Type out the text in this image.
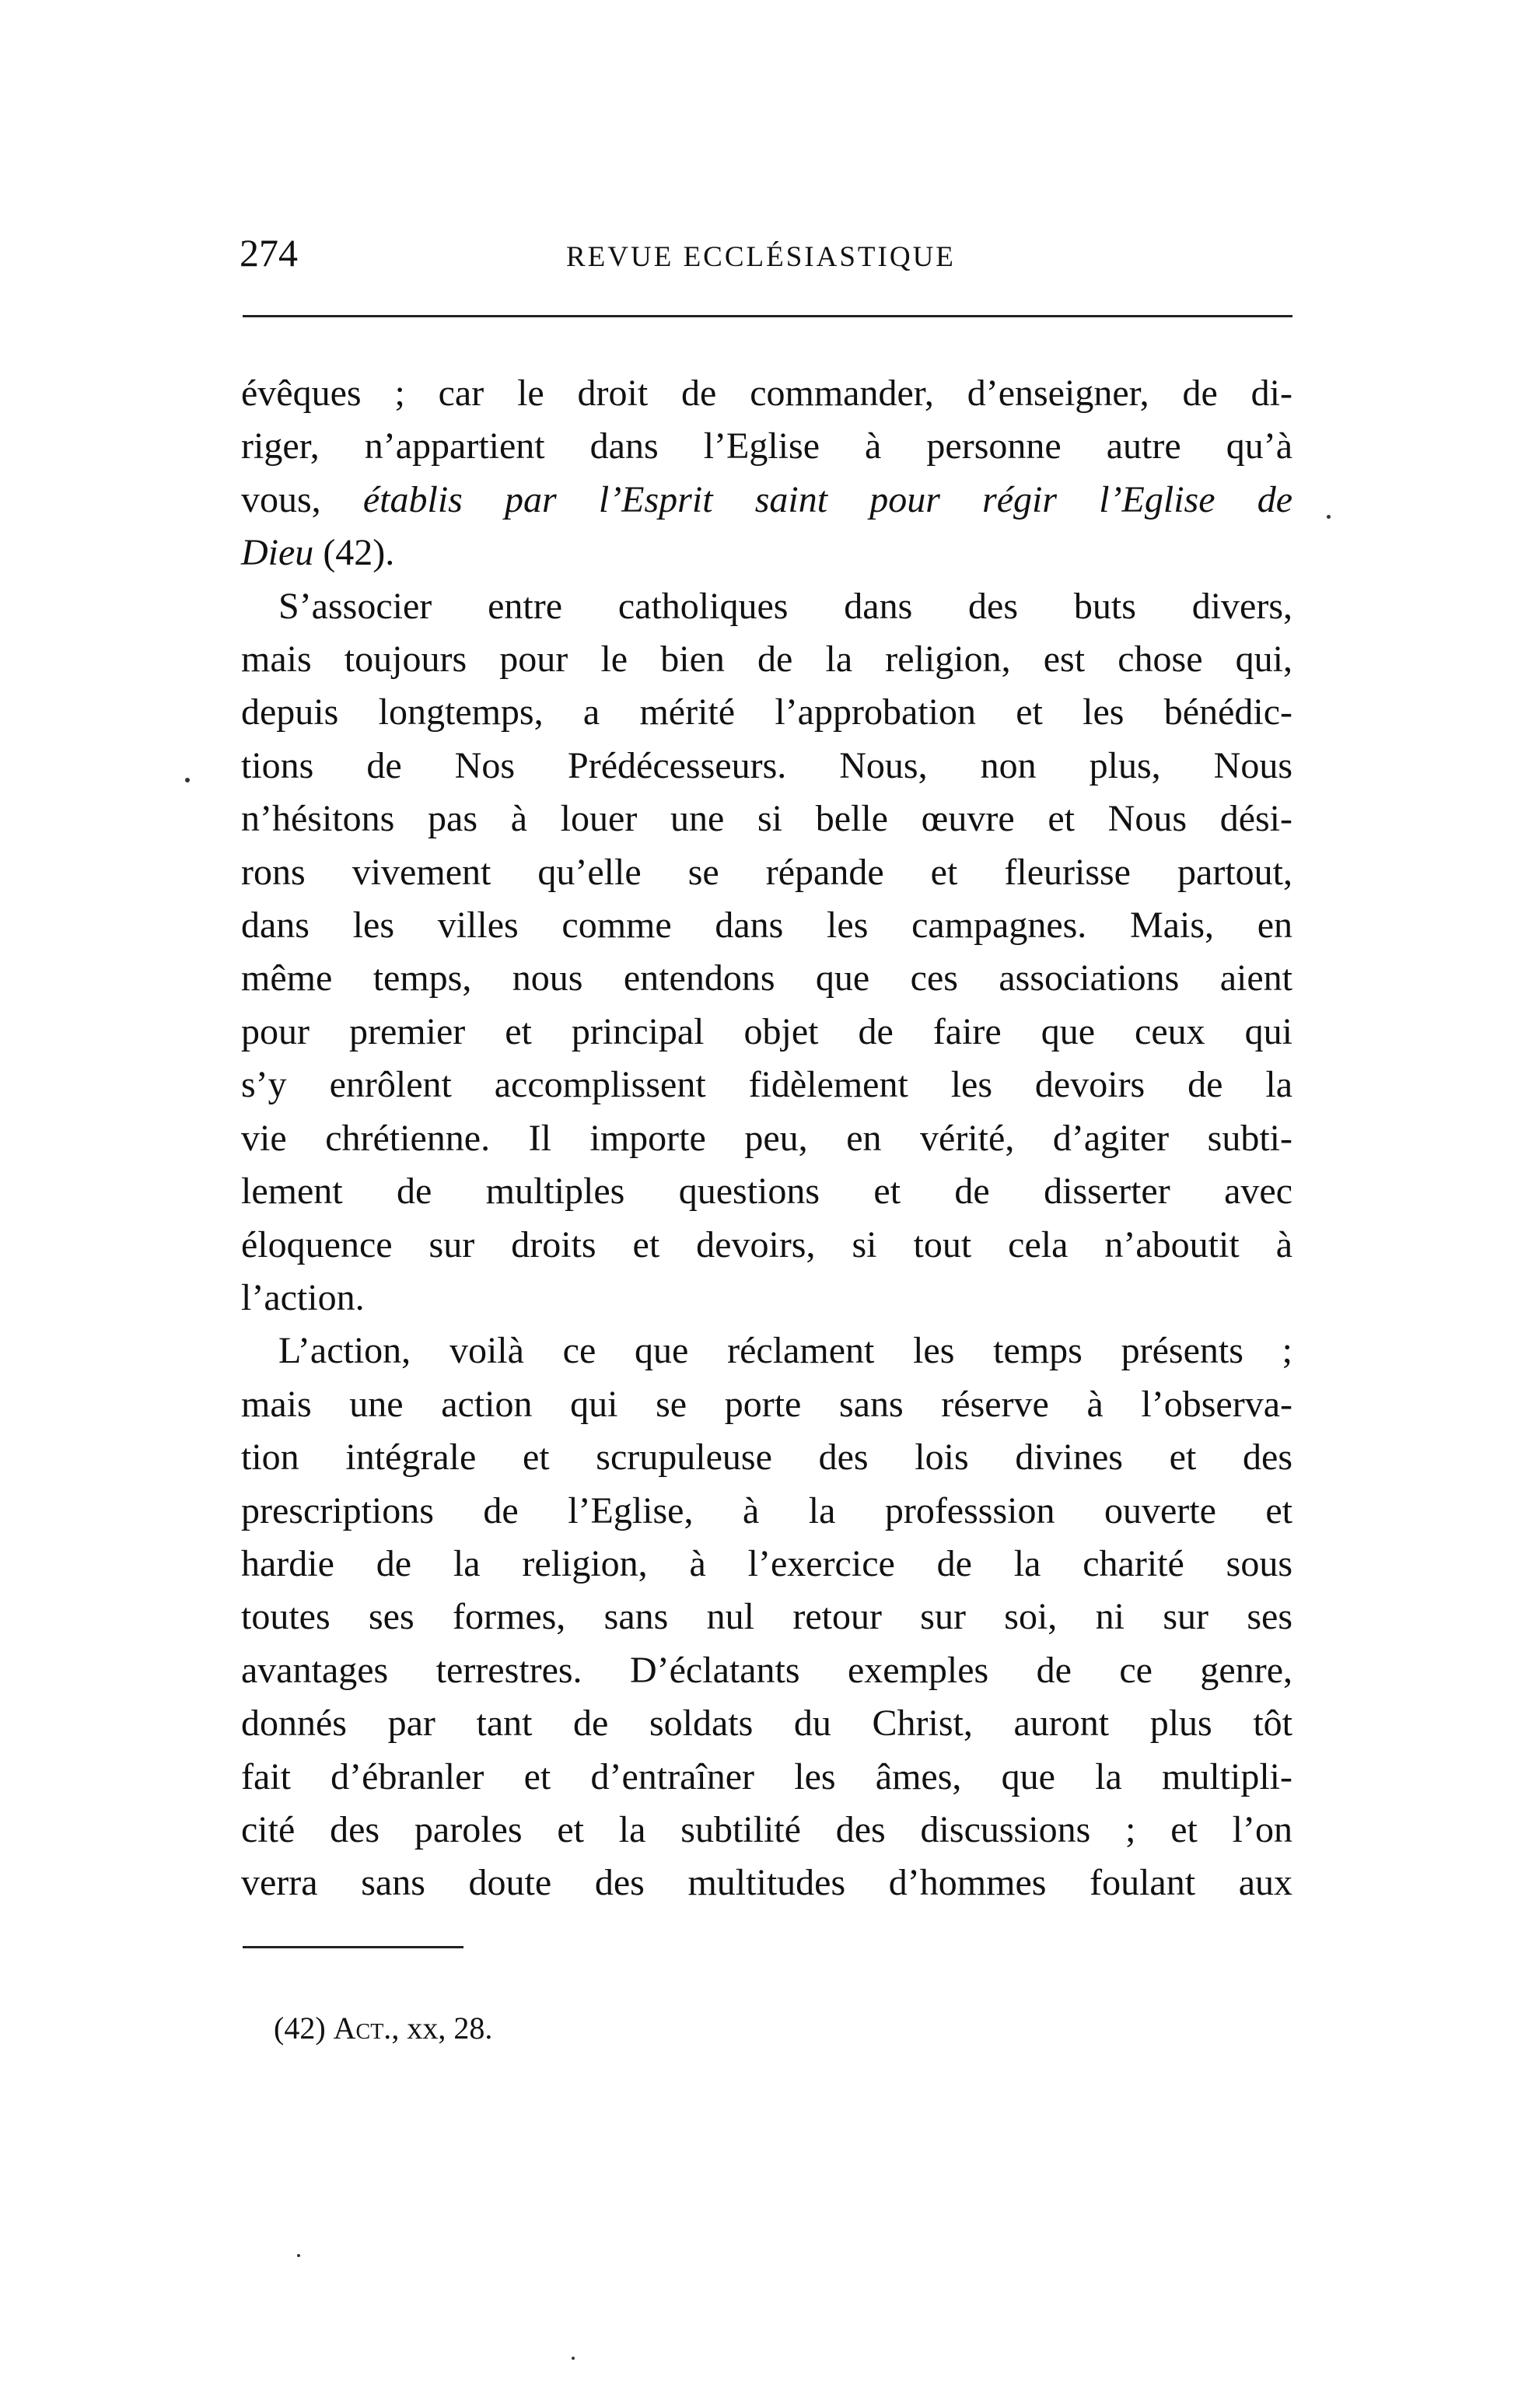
274	REVUE ECCLÉSIASTIQUE

évêques ; car le droit de commander, d’enseigner, de di-
riger, n’appartient dans l’Eglise à personne autre qu’à
vous, établis par l’Esprit saint pour régir l’Eglise de
Dieu (42).

S’associer entre catholiques dans des buts divers,
mais toujours pour le bien de la religion, est chose qui,
depuis longtemps, a mérité l’approbation et les bénédic-
tions de Nos Prédécesseurs. Nous, non plus, Nous
n’hésitons pas à louer une si belle œuvre et Nous dési-
rons vivement qu’elle se répande et fleurisse partout,
dans les villes comme dans les campagnes. Mais, en
même temps, nous entendons que ces associations aient
pour premier et principal objet de faire que ceux qui
s’y enrôlent accomplissent fidèlement les devoirs de la
vie chrétienne. Il importe peu, en vérité, d’agiter subti-
lement de multiples questions et de disserter avec
éloquence sur droits et devoirs, si tout cela n’aboutit à
l’action.

L’action, voilà ce que réclament les temps présents ;
mais une action qui se porte sans réserve à l’observa-
tion intégrale et scrupuleuse des lois divines et des
prescriptions de l’Eglise, à la professsion ouverte et
hardie de la religion, à l’exercice de la charité sous
toutes ses formes, sans nul retour sur soi, ni sur ses
avantages terrestres. D’éclatants exemples de ce genre,
donnés par tant de soldats du Christ, auront plus tôt
fait d’ébranler et d’entraîner les âmes, que la multipli-
cité des paroles et la subtilité des discussions ; et l’on
verra sans doute des multitudes d’hommes foulant aux

(42) Act., xx, 28.
